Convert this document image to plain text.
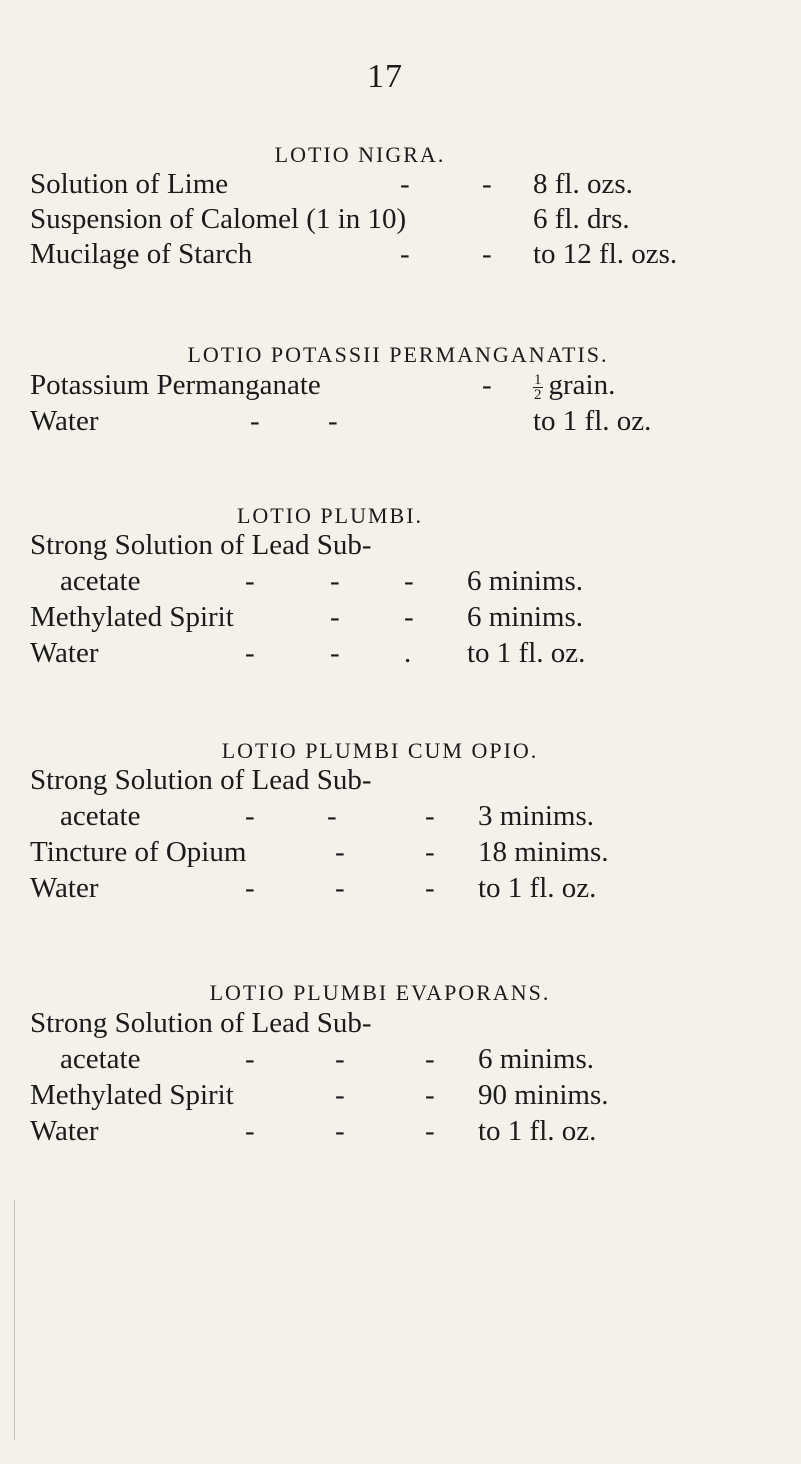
17
LOTIO NIGRA.
Solution of Lime	- - 8 fl. ozs.
Suspension of Calomel (1 in 10)	6 fl. drs.
Mucilage of Starch	- - to 12 fl. ozs.
LOTIO POTASSII PERMANGANATIS.
Potassium Permanganate	-	$\frac{1}{2}$ grain.
Water	- -	to 1 fl. oz.
LOTIO PLUMBI.
Strong Solution of Lead Sub-
acetate	-	- - 6 minims.
Methylated Spirit	- - 6 minims.
Water	-	- . to 1 fl. oz.
LOTIO PLUMBI CUM OPIO.
Strong Solution of Lead Sub-
acetate	- -	- 3 minims.
Tincture of Opium	-	- 18 minims.
Water	-	-	- to 1 fl. oz.
LOTIO PLUMBI EVAPORANS.
Strong Solution of Lead Sub-
acetate	-	-	- 6 minims.
Methylated Spirit	-	- 90 minims.
Water	-	-	- to 1 fl. oz.
